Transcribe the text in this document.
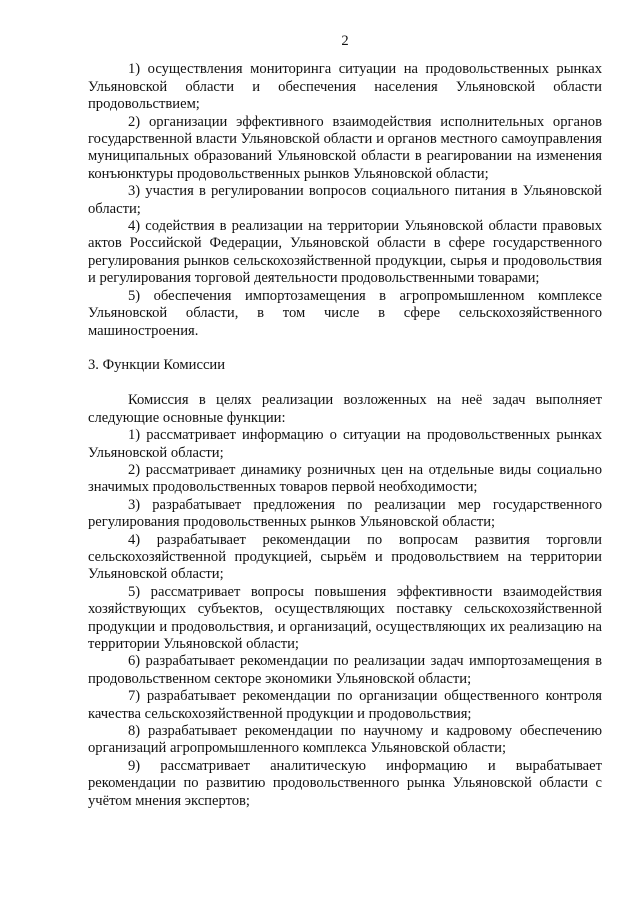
2

1) осуществления мониторинга ситуации на продовольственных рынках Ульяновской области и обеспечения населения Ульяновской области продовольствием;

2) организации эффективного взаимодействия исполнительных органов государственной власти Ульяновской области и органов местного самоуправления муниципальных образований Ульяновской области в реагировании на изменения конъюнктуры продовольственных рынков Ульяновской области;

3) участия в регулировании вопросов социального питания в Ульяновской области;

4) содействия в реализации на территории Ульяновской области правовых актов Российской Федерации, Ульяновской области в сфере государственного регулирования рынков сельскохозяйственной продукции, сырья и продовольствия и регулирования торговой деятельности продовольственными товарами;

5) обеспечения импортозамещения в агропромышленном комплексе Ульяновской области, в том числе в сфере сельскохозяйственного машиностроения.

3. Функции Комиссии

Комиссия в целях реализации возложенных на неё задач выполняет следующие основные функции:

1) рассматривает информацию о ситуации на продовольственных рынках Ульяновской области;

2) рассматривает динамику розничных цен на отдельные виды социально значимых продовольственных товаров первой необходимости;

3) разрабатывает предложения по реализации мер государственного регулирования продовольственных рынков Ульяновской области;

4) разрабатывает рекомендации по вопросам развития торговли сельскохозяйственной продукцией, сырьём и продовольствием на территории Ульяновской области;

5) рассматривает вопросы повышения эффективности взаимодействия хозяйствующих субъектов, осуществляющих поставку сельскохозяйственной продукции и продовольствия, и организаций, осуществляющих их реализацию на территории Ульяновской области;

6) разрабатывает рекомендации по реализации задач импортозамещения в продовольственном секторе экономики Ульяновской области;

7) разрабатывает рекомендации по организации общественного контроля качества сельскохозяйственной продукции и продовольствия;

8) разрабатывает рекомендации по научному и кадровому обеспечению организаций агропромышленного комплекса Ульяновской области;

9) рассматривает аналитическую информацию и вырабатывает рекомендации по развитию продовольственного рынка Ульяновской области с учётом мнения экспертов;
